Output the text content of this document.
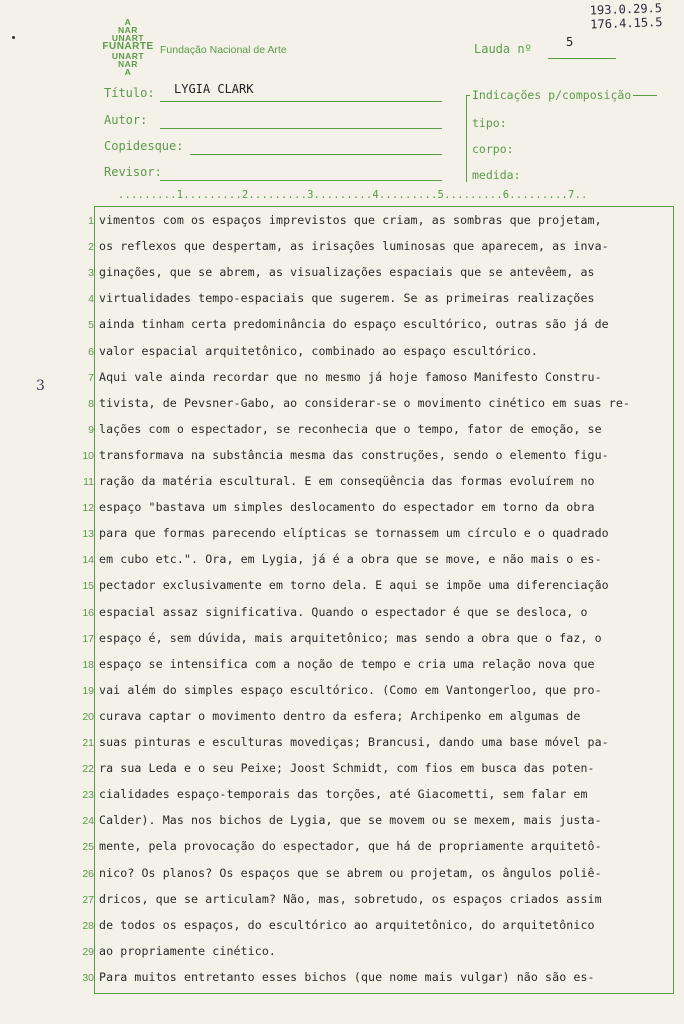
A
NAR
UNART
FUNARTE
UNART
NAR
A
Fundação Nacional de Arte
193.0.29.5
176.4.15.5
Lauda nº	5
Título: LYGIA CLARK
Autor:
Copidesque:
Revisor:
Indicações p/composição
tipo:
corpo:
medida:
.........1.........2.........3.........4.........5.........6.........7..
3
1 vimentos com os espaços imprevistos que criam, as sombras que projetam,
2 os reflexos que despertam, as irisações luminosas que aparecem, as inva-
3 ginações, que se abrem, as visualizações espaciais que se antevêem, as
4 virtualidades tempo-espaciais que sugerem. Se as primeiras realizações
5 ainda tinham certa predominância do espaço escultórico, outras são já de
6 valor espacial arquitetônico, combinado ao espaço escultórico.
7 Aqui vale ainda recordar que no mesmo já hoje famoso Manifesto Constru-
8 tivista, de Pevsner-Gabo, ao considerar-se o movimento cinético em suas re-
9 lações com o espectador, se reconhecia que o tempo, fator de emoção, se
10 transformava na substância mesma das construções, sendo o elemento figu-
11 ração da matéria escultural. E em conseqüência das formas evoluírem no
12 espaço "bastava um simples deslocamento do espectador em torno da obra
13 para que formas parecendo elípticas se tornassem um círculo e o quadrado
14 em cubo etc.". Ora, em Lygia, já é a obra que se move, e não mais o es-
15 pectador exclusivamente em torno dela. E aqui se impõe uma diferenciação
16 espacial assaz significativa. Quando o espectador é que se desloca, o
17 espaço é, sem dúvida, mais arquitetônico; mas sendo a obra que o faz, o
18 espaço se intensifica com a noção de tempo e cria uma relação nova que
19 vai além do simples espaço escultórico. (Como em Vantongerloo, que pro-
20 curava captar o movimento dentro da esfera; Archipenko em algumas de
21 suas pinturas e esculturas movediças; Brancusi, dando uma base móvel pa-
22 ra sua Leda e o seu Peixe; Joost Schmidt, com fios em busca das poten-
23 cialidades espaço-temporais das torções, até Giacometti, sem falar em
24 Calder). Mas nos bichos de Lygia, que se movem ou se mexem, mais justa-
25 mente, pela provocação do espectador, que há de propriamente arquitetô-
26 nico? Os planos? Os espaços que se abrem ou projetam, os ângulos poliê-
27 dricos, que se articulam? Não, mas, sobretudo, os espaços criados assim
28 de todos os espaços, do escultórico ao arquitetônico, do arquitetônico
29 ao propriamente cinético.
30 Para muitos entretanto esses bichos (que nome mais vulgar) não são es-
